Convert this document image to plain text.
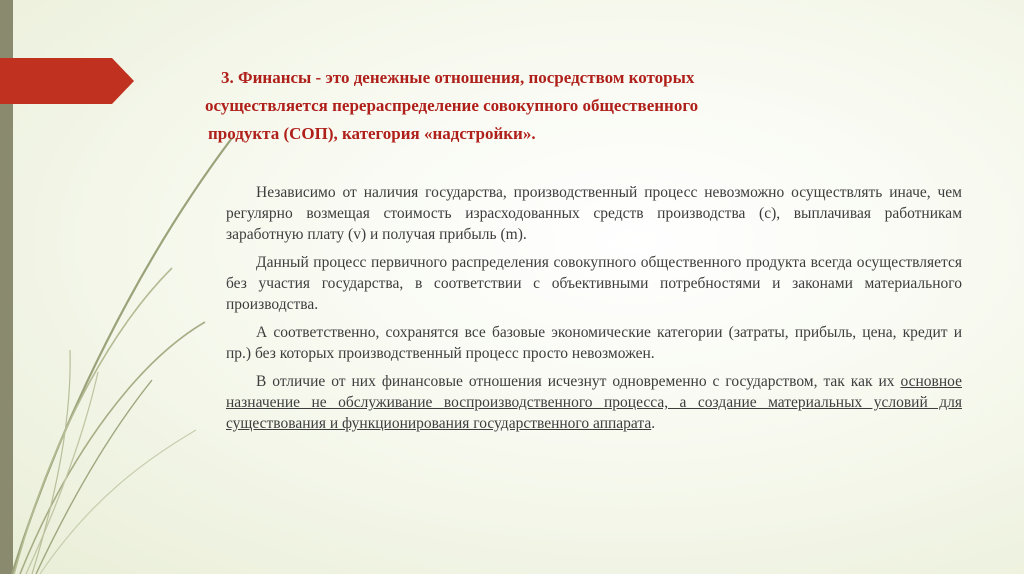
3. Финансы - это денежные отношения, посредством которых
осуществляется перераспределение совокупного общественного
продукта (СОП), категория «надстройки».

Независимо от наличия государства, производственный процесс невозможно осуществлять иначе, чем регулярно возмещая стоимость израсходованных средств производства (с), выплачивая работникам заработную плату (v) и получая прибыль (m).

Данный процесс первичного распределения совокупного общественного продукта всегда осуществляется без участия государства, в соответствии с объективными потребностями и законами материального производства.

А соответственно, сохранятся все базовые экономические категории (затраты, прибыль, цена, кредит и пр.) без которых производственный процесс просто невозможен.

В отличие от них финансовые отношения исчезнут одновременно с государством, так как их основное назначение не обслуживание воспроизводственного процесса, а создание материальных условий для существования и функционирования государственного аппарата.
